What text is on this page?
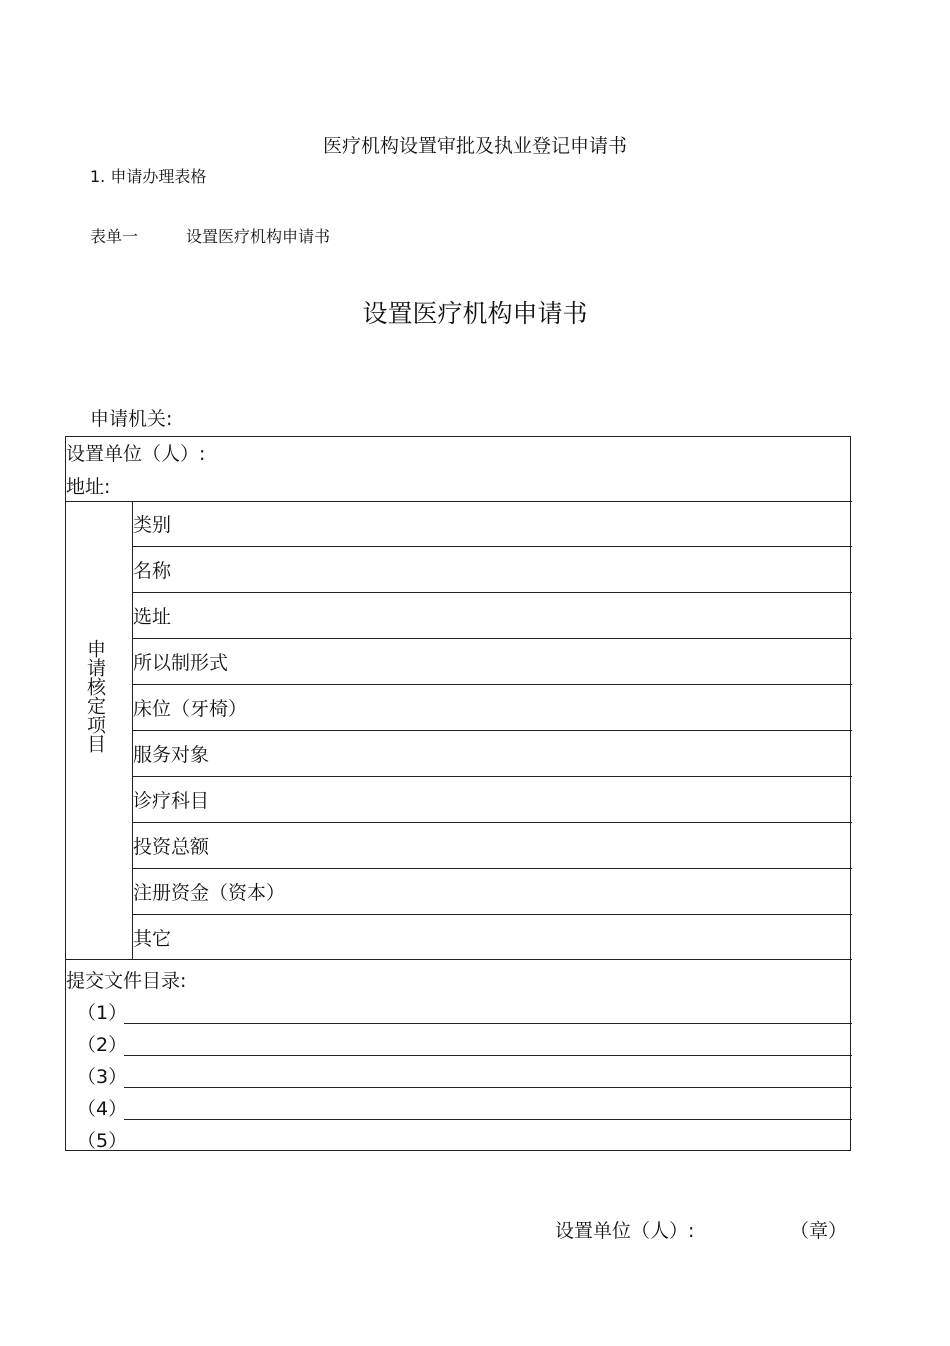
医疗机构设置审批及执业登记申请书
1. 申请办理表格
表单一	设置医疗机构申请书
设置医疗机构申请书
申请机关:
设置单位（人）:
地址:
申请核定项目
类别
名称
选址
所以制形式
床位（牙椅）
服务对象
诊疗科目
投资总额
注册资金（资本）
其它
提交文件目录:
（1）
（2）
（3）
（4）
（5）
设置单位（人）:	（章）
